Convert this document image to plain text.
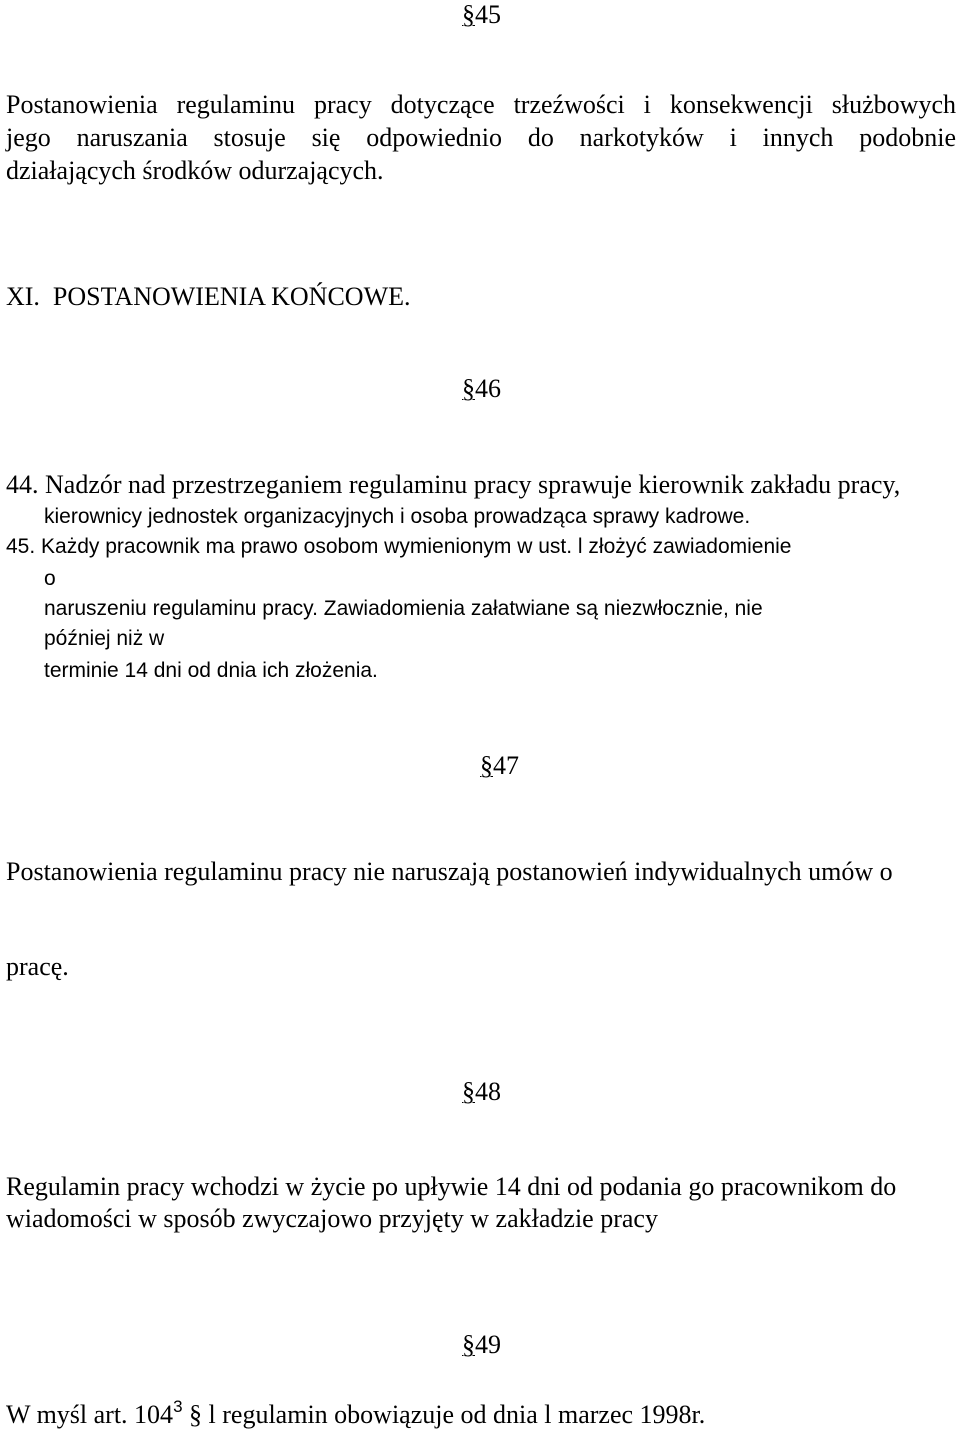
§45
Postanowienia regulaminu pracy dotyczące trzeźwości i konsekwencji służbowych
jego naruszania stosuje się odpowiednio do narkotyków i innych podobnie
działających środków odurzających.
XI.  POSTANOWIENIA KOŃCOWE.
§46
44. Nadzór nad przestrzeganiem regulaminu pracy sprawuje kierownik zakładu pracy,
kierownicy jednostek organizacyjnych i osoba prowadząca sprawy kadrowe.
45. Każdy pracownik ma prawo osobom wymienionym w ust. l złożyć zawiadomienie
o
naruszeniu regulaminu pracy. Zawiadomienia załatwiane są niezwłocznie, nie
później niż w
terminie 14 dni od dnia ich złożenia.
§47
Postanowienia regulaminu pracy nie naruszają postanowień indywidualnych umów o
pracę.
§48
Regulamin pracy wchodzi w życie po upływie 14 dni od podania go pracownikom do
wiadomości w sposób zwyczajowo przyjęty w zakładzie pracy
§49
W myśl art. $104^3$ § l regulamin obowiązuje od dnia l marzec 1998r.
